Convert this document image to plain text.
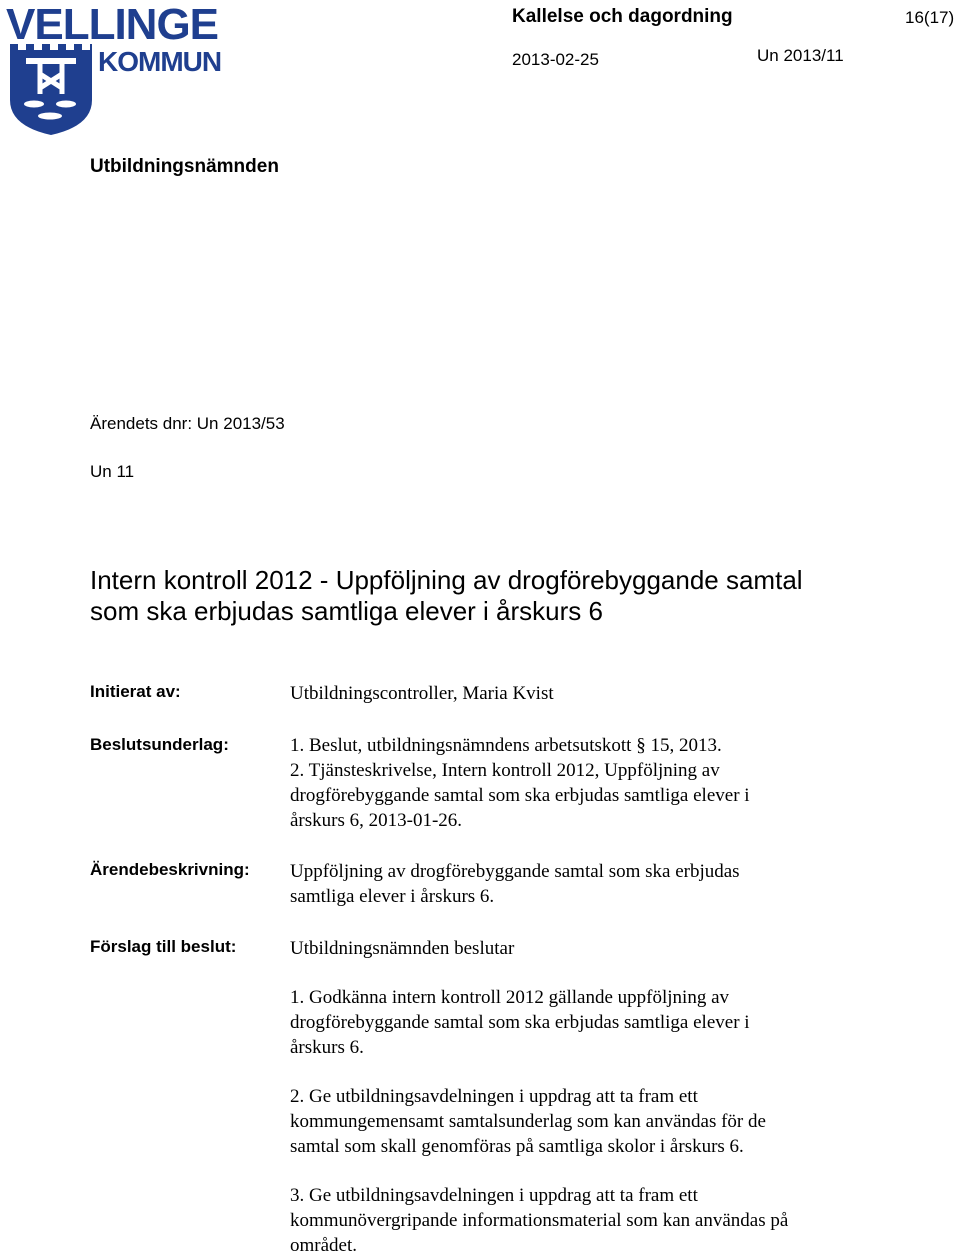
VELLINGE
KOMMUN
Kallelse och dagordning	16(17)
2013-02-25	Un 2013/11
Utbildningsnämnden
Ärendets dnr: Un 2013/53
Un 11
Intern kontroll 2012 - Uppföljning av drogförebyggande samtal
som ska erbjudas samtliga elever i årskurs 6
Initierat av:	Utbildningscontroller, Maria Kvist
Beslutsunderlag:	1. Beslut, utbildningsnämndens arbetsutskott § 15, 2013.
2. Tjänsteskrivelse, Intern kontroll 2012, Uppföljning av
drogförebyggande samtal som ska erbjudas samtliga elever i
årskurs 6, 2013-01-26.
Ärendebeskrivning: Uppföljning av drogförebyggande samtal som ska erbjudas
samtliga elever i årskurs 6.
Förslag till beslut:	Utbildningsnämnden beslutar
1. Godkänna intern kontroll 2012 gällande uppföljning av
drogförebyggande samtal som ska erbjudas samtliga elever i
årskurs 6.
2. Ge utbildningsavdelningen i uppdrag att ta fram ett
kommungemensamt samtalsunderlag som kan användas för de
samtal som skall genomföras på samtliga skolor i årskurs 6.
3. Ge utbildningsavdelningen i uppdrag att ta fram ett
kommunövergripande informationsmaterial som kan användas på
området.
